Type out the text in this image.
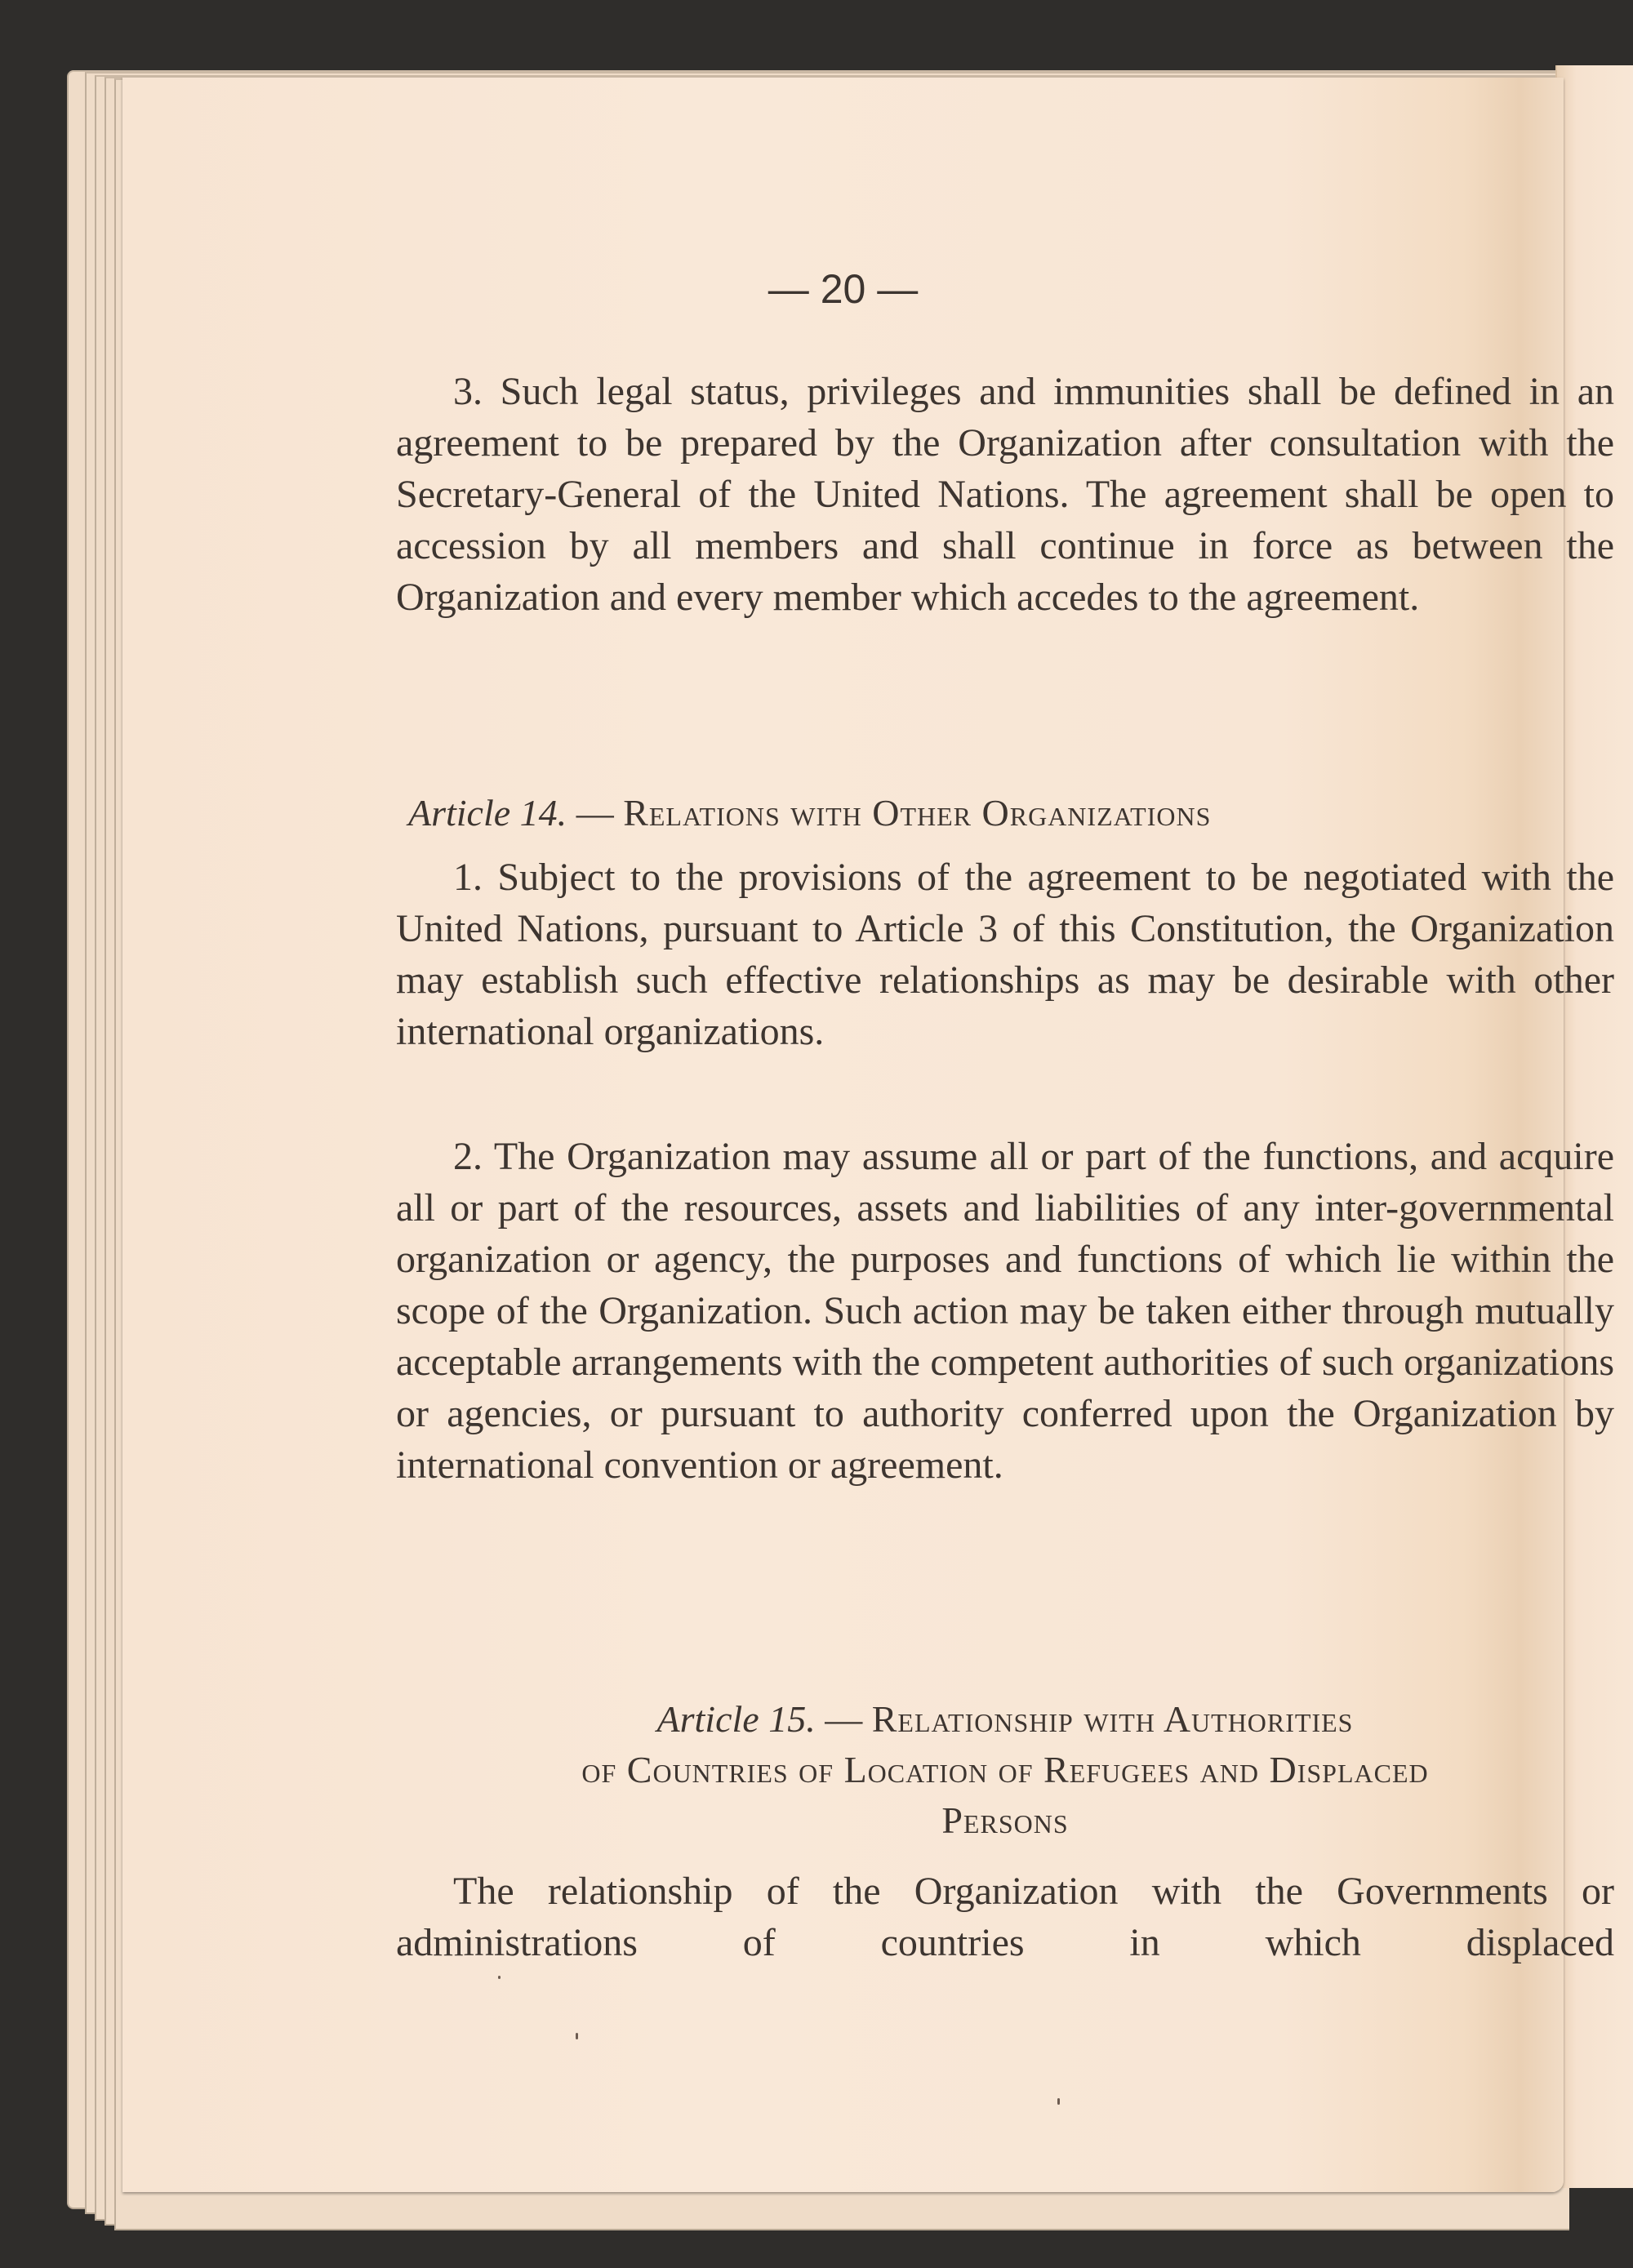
— 20 —

3. Such legal status, privileges and immunities shall be defined in an agreement to be prepared by the Organization after consultation with the Secretary-General of the United Nations. The agreement shall be open to accession by all members and shall continue in force as between the Organization and every member which accedes to the agreement.

Article 14. — Relations with Other Organizations

1. Subject to the provisions of the agreement to be negotiated with the United Nations, pursuant to Article 3 of this Constitution, the Organization may establish such effective relationships as may be desirable with other international organizations.

2. The Organization may assume all or part of the functions, and acquire all or part of the resources, assets and liabilities of any inter-governmental organization or agency, the purposes and functions of which lie within the scope of the Organization. Such action may be taken either through mutually acceptable arrangements with the competent authorities of such organizations or agencies, or pursuant to authority conferred upon the Organization by international convention or agreement.

Article 15. — Relationship with Authorities

of Countries of Location of Refugees and Displaced

Persons

The relationship of the Organization with the Governments or administrations of countries in which displaced
